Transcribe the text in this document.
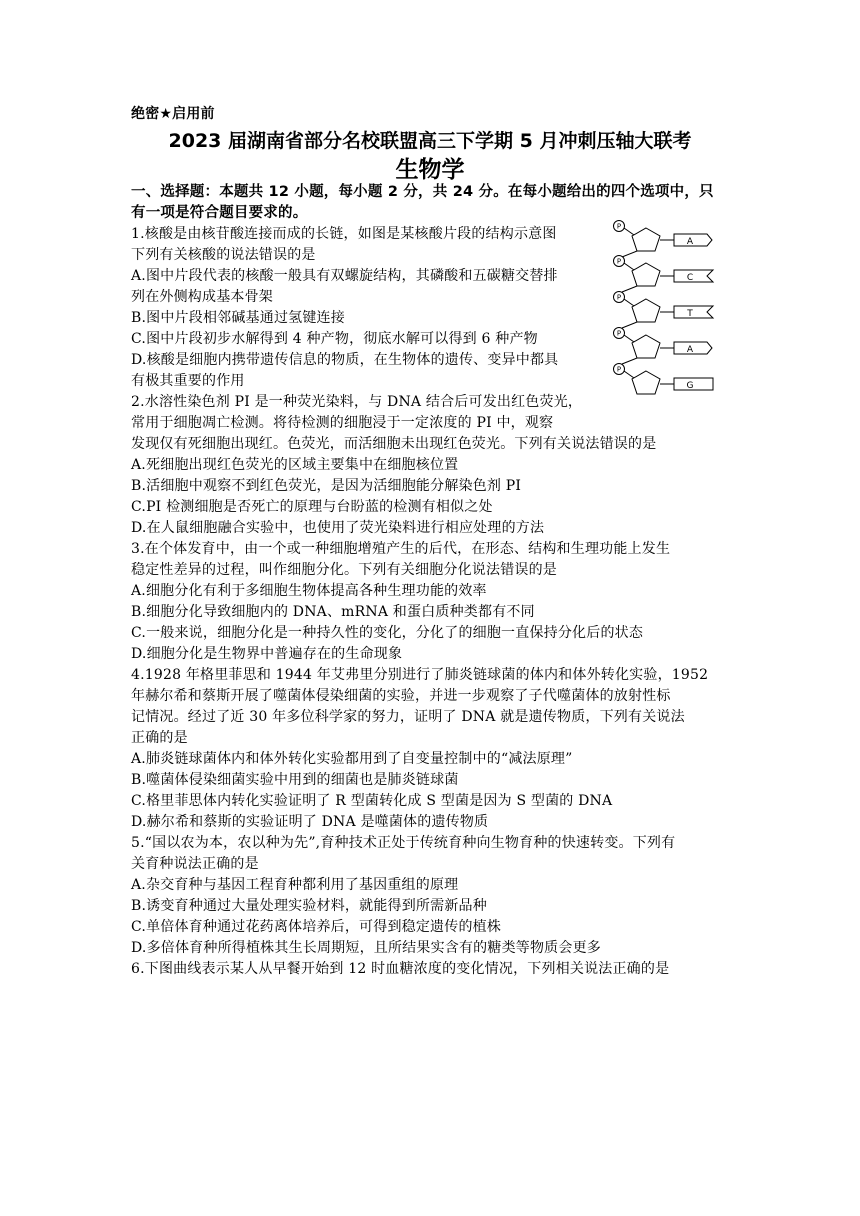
绝密★启用前

2023 届湖南省部分名校联盟高三下学期 5 月冲刺压轴大联考
生物学

一、选择题：本题共 12 小题，每小题 2 分，共 24 分。在每小题给出的四个选项中，只

有一项是符合题目要求的。

1.核酸是由核苷酸连接而成的长链，如图是某核酸片段的结构示意图

下列有关核酸的说法错误的是

A.图中片段代表的核酸一般具有双螺旋结构，其磷酸和五碳糖交替排

列在外侧构成基本骨架

B.图中片段相邻碱基通过氢键连接

C.图中片段初步水解得到 4 种产物，彻底水解可以得到 6 种产物

D.核酸是细胞内携带遗传信息的物质，在生物体的遗传、变异中都具

有极其重要的作用

2.水溶性染色剂 PI 是一种荧光染料，与 DNA 结合后可发出红色荧光，

常用于细胞凋亡检测。将待检测的细胞浸于一定浓度的 PI 中，观察

发现仅有死细胞出现红。色荧光，而活细胞未出现红色荧光。下列有关说法错误的是

A.死细胞出现红色荧光的区域主要集中在细胞核位置

B.活细胞中观察不到红色荧光，是因为活细胞能分解染色剂 PI

C.PI 检测细胞是否死亡的原理与台盼蓝的检测有相似之处

D.在人鼠细胞融合实验中，也使用了荧光染料进行相应处理的方法

3.在个体发育中，由一个或一种细胞增殖产生的后代，在形态、结构和生理功能上发生

稳定性差异的过程，叫作细胞分化。下列有关细胞分化说法错误的是

A.细胞分化有利于多细胞生物体提高各种生理功能的效率

B.细胞分化导致细胞内的 DNA、mRNA 和蛋白质种类都有不同

C.一般来说，细胞分化是一种持久性的变化，分化了的细胞一直保持分化后的状态

D.细胞分化是生物界中普遍存在的生命现象

4.1928 年格里菲思和 1944 年艾弗里分别进行了肺炎链球菌的体内和体外转化实验，1952

年赫尔希和蔡斯开展了噬菌体侵染细菌的实验，并进一步观察了子代噬菌体的放射性标

记情况。经过了近 30 年多位科学家的努力，证明了 DNA 就是遗传物质，下列有关说法

正确的是

A.肺炎链球菌体内和体外转化实验都用到了自变量控制中的“减法原理”

B.噬菌体侵染细菌实验中用到的细菌也是肺炎链球菌

C.格里菲思体内转化实验证明了 R 型菌转化成 S 型菌是因为 S 型菌的 DNA

D.赫尔希和蔡斯的实验证明了 DNA 是噬菌体的遗传物质

5.“国以农为本，农以种为先”,育种技术正处于传统育种向生物育种的快速转变。下列有

关育种说法正确的是

A.杂交育种与基因工程育种都利用了基因重组的原理

B.诱变育种通过大量处理实验材料，就能得到所需新品种

C.单倍体育种通过花药离体培养后，可得到稳定遗传的植株

D.多倍体育种所得植株其生长周期短，且所结果实含有的糖类等物质会更多

6.下图曲线表示某人从早餐开始到 12 时血糖浓度的变化情况，下列相关说法正确的是

P
A
P
C
P
T
P
A
P
G
